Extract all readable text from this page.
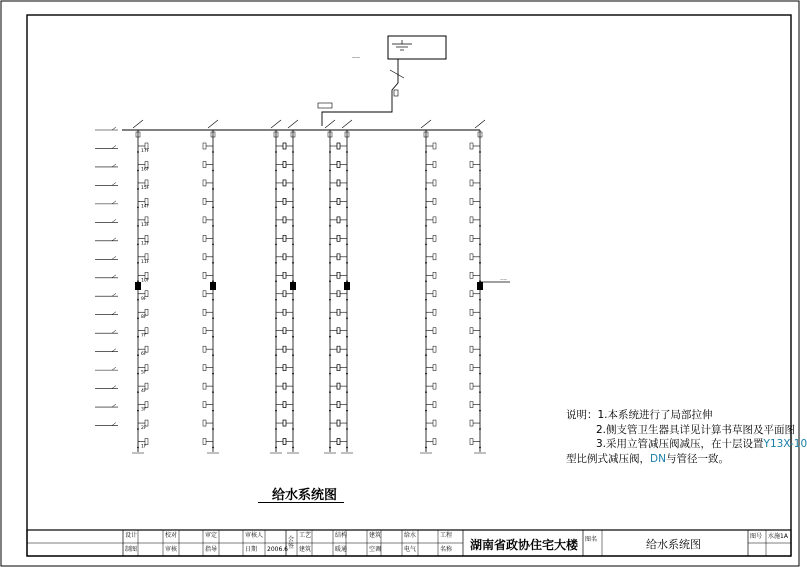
——
17F
16F
15F
14F
13F
12F
11F
10F
9F
8F
7F
6F
5F
4F
3F
2F
1F
——
给水系统图
说明：1.本系统进行了局部拉伸
2.侧支管卫生器具详见计算书草图及平面图
3.采用立管减压阀减压，在十层设置Y13X-10
型比例式减压阀，DN与管径一致。
设计	校对	审定	审核人	工艺	结构	建筑	给水	工程
制图	审核	指导	日期 2006.6 建筑	暖通	空调	电气	名称
会签	湖南省政协住宅大楼 图名	给水系统图
图号 水施1A
